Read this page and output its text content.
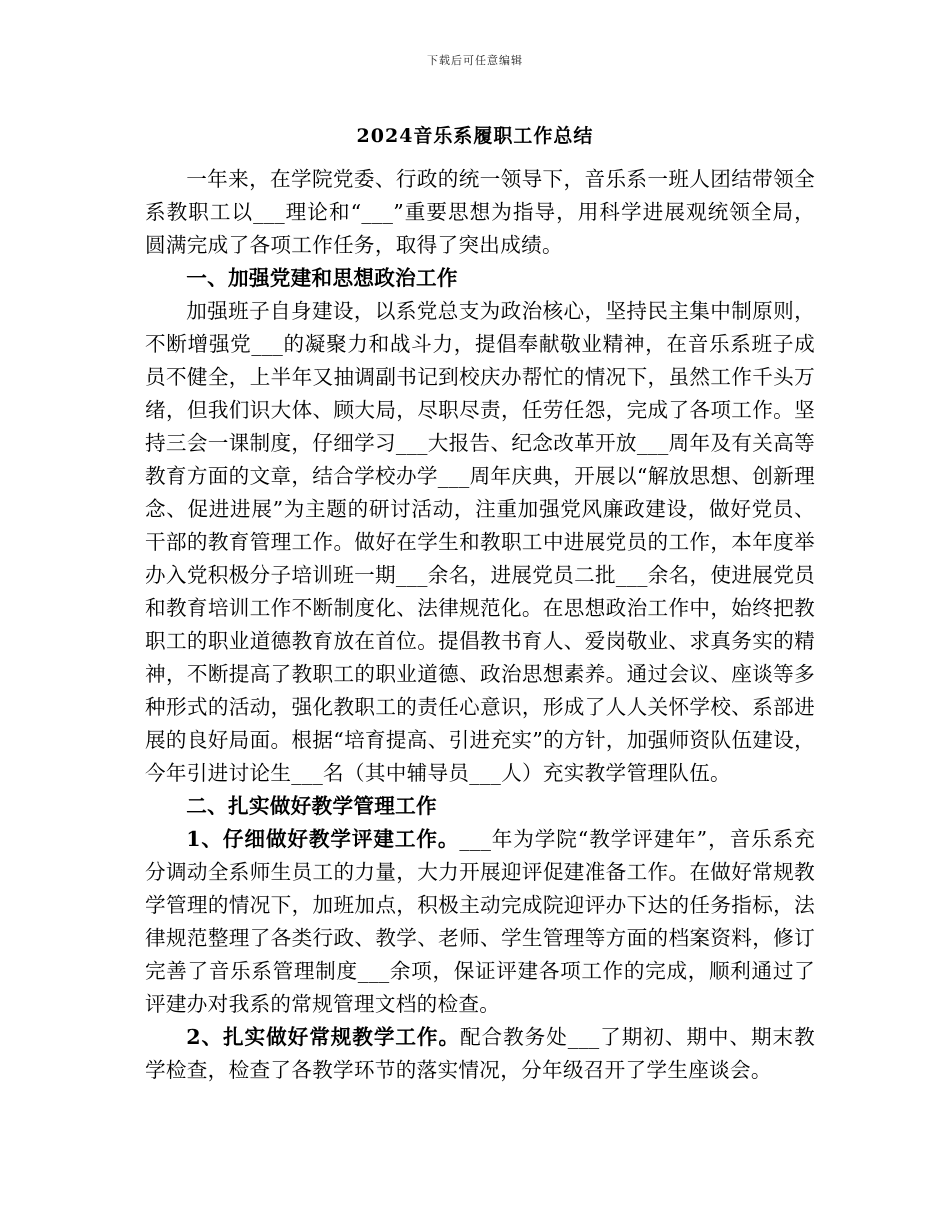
下载后可任意编辑
2024音乐系履职工作总结

一年来，在学院党委、行政的统一领导下，音乐系一班人团结带领全系教职工以___理论和“___”重要思想为指导，用科学进展观统领全局，圆满完成了各项工作任务，取得了突出成绩。

一、加强党建和思想政治工作

加强班子自身建设，以系党总支为政治核心，坚持民主集中制原则，不断增强党___的凝聚力和战斗力，提倡奉献敬业精神，在音乐系班子成员不健全，上半年又抽调副书记到校庆办帮忙的情况下，虽然工作千头万绪，但我们识大体、顾大局，尽职尽责，任劳任怨，完成了各项工作。坚持三会一课制度，仔细学习___大报告、纪念改革开放___周年及有关高等教育方面的文章，结合学校办学___周年庆典，开展以“解放思想、创新理念、促进进展”为主题的研讨活动，注重加强党风廉政建设，做好党员、干部的教育管理工作。做好在学生和教职工中进展党员的工作，本年度举办入党积极分子培训班一期___余名，进展党员二批___余名，使进展党员和教育培训工作不断制度化、法律规范化。在思想政治工作中，始终把教职工的职业道德教育放在首位。提倡教书育人、爱岗敬业、求真务实的精神，不断提高了教职工的职业道德、政治思想素养。通过会议、座谈等多种形式的活动，强化教职工的责任心意识，形成了人人关怀学校、系部进展的良好局面。根据“培育提高、引进充实”的方针，加强师资队伍建设，今年引进讨论生___名（其中辅导员___人）充实教学管理队伍。

二、扎实做好教学管理工作

1、仔细做好教学评建工作。___年为学院“教学评建年”，音乐系充分调动全系师生员工的力量，大力开展迎评促建准备工作。在做好常规教学管理的情况下，加班加点，积极主动完成院迎评办下达的任务指标，法律规范整理了各类行政、教学、老师、学生管理等方面的档案资料，修订完善了音乐系管理制度___余项，保证评建各项工作的完成，顺利通过了评建办对我系的常规管理文档的检查。

2、扎实做好常规教学工作。配合教务处___了期初、期中、期末教学检查，检查了各教学环节的落实情况，分年级召开了学生座谈会。
